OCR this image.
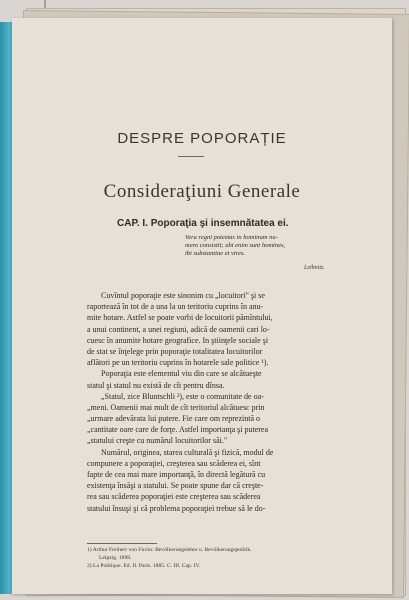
DESPRE POPORAȚIE
Consideraţiuni Generale
CAP. I. Poporaţia şi insemnătatea ei.
Vera regni potestas in hominum nu-
mero consistit; ubi enim sunt homines,
ibi substantiae et vires.
Leibnitz.
Cuvîntul poporaţie este sinonim cu „locuitori" şi se
raportează în tot de a una la un teritoriu cuprins în anu-
mite hotare. Astfel se poate vorbi de locuitorii pămîntului,
a unui continent, a unei regiuni, adică de oamenii cari lo-
cuesc în anumite hotare geografice. In ştiinţele sociale şi
de stat se înţelege prin poporaţie totalitatea locuitorilor
aflători pe un teritoriu cuprins în hotarele sale politice ¹).
Poporaţia este elementul viu din care se alcătueşte
statul şi statul nu există de cît pentru dînsa.
„Statul, zice Bluntschli ²), este o comunitate de oa-
„meni. Oamenii mai mult de cît teritoriul alcătuesc prin
„urmare adevărata lui putere. Fie care om reprezintă o
„cantitate oare care de forţe. Astfel importanţa şi puterea
„statului creşte cu numărul locuitorilor săi."
Numărul, originea, starea culturală şi fizică, modul de
compunere a poporaţiei, creşterea sau scăderea ei, sînt
fapte de cea mai mare importanţă, în directă legătură cu
existenţa însăşi a statului. Se poate spune dar că creşte-
rea sau scăderea poporaţiei este creşterea sau scăderea
statului însuşi şi că problema poporaţiei trebue să le do-
1) Arthur Freiherr von Fircks: Bevölkerungslehre u. Bevölkerungspolitik.
Leipzig. 1898.
2) La Politique. Ed. II. Paris. 1885. C. III. Cap. IV.
